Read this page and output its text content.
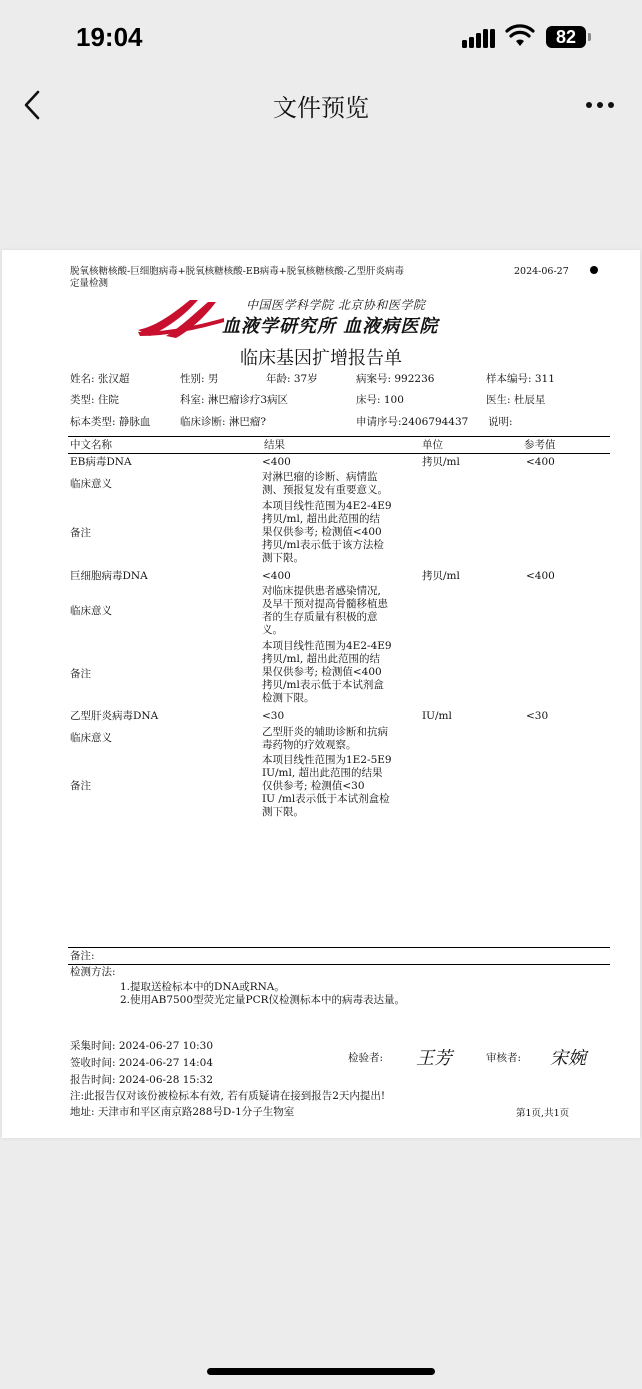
19:04	82
文件预览
脱氧核糖核酸-巨细胞病毒+脱氧核糖核酸-EB病毒+脱氧核糖核酸-乙型肝炎病毒
定量检测
2024-06-27
中国医学科学院 北京协和医学院
血液学研究所 血液病医院
临床基因扩增报告单
姓名: 张汉超	性别: 男	年龄: 37岁	病案号: 992236	样本编号: 311
类型: 住院	科室: 淋巴瘤诊疗3病区	床号: 100	医生: 杜辰星
标本类型: 静脉血	临床诊断: 淋巴瘤?	申请序号:2406794437 说明:
中文名称	结果	单位	参考值
EB病毒DNA	<400	拷贝/ml	<400
临床意义
对淋巴瘤的诊断、病情监
测、预报复发有重要意义。
备注
本项目线性范围为4E2-4E9
拷贝/ml, 超出此范围的结
果仅供参考; 检测值<400
拷贝/ml表示低于该方法检
测下限。
巨细胞病毒DNA	<400	拷贝/ml	<400
临床意义
对临床提供患者感染情况,
及早干预对提高骨髓移植患
者的生存质量有积极的意
义。
备注
本项目线性范围为4E2-4E9
拷贝/ml, 超出此范围的结
果仅供参考; 检测值<400
拷贝/ml表示低于本试剂盒
检测下限。
乙型肝炎病毒DNA	<30	IU/ml	<30
临床意义	乙型肝炎的辅助诊断和抗病
毒药物的疗效观察。
备注
本项目线性范围为1E2-5E9
IU/ml, 超出此范围的结果
仅供参考; 检测值<30
IU /ml表示低于本试剂盒检
测下限。
备注:
检测方法:
1.提取送检标本中的DNA或RNA。
2.使用AB7500型荧光定量PCR仪检测标本中的病毒表达量。
采集时间: 2024-06-27 10:30
签收时间: 2024-06-27 14:04
报告时间: 2024-06-28 15:32
注:此报告仅对该份被检标本有效, 若有质疑请在接到报告2天内提出!
地址: 天津市和平区南京路288号D-1分子生物室
检验者: 王芳	审核者: 宋婉
第1页,共1页
